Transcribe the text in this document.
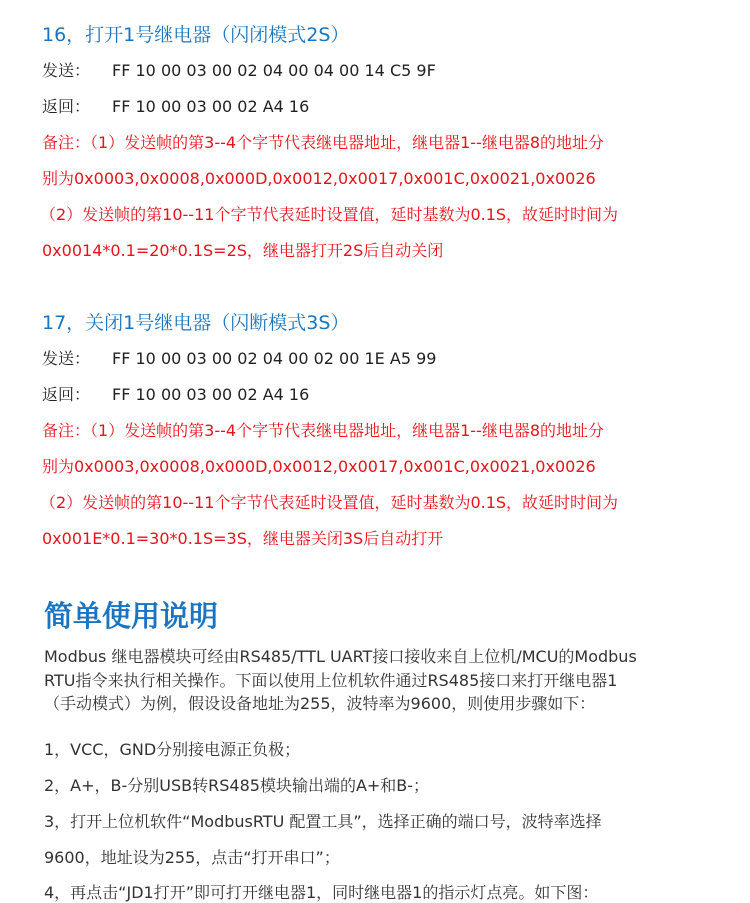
16，打开1号继电器（闪闭模式2S）
发送： FF 10 00 03 00 02 04 00 04 00 14 C5 9F
返回： FF 10 00 03 00 02 A4 16
备注：（1）发送帧的第3--4个字节代表继电器地址，继电器1--继电器8的地址分
别为0x0003,0x0008,0x000D,0x0012,0x0017,0x001C,0x0021,0x0026
（2）发送帧的第10--11个字节代表延时设置值，延时基数为0.1S，故延时时间为
0x0014*0.1=20*0.1S=2S，继电器打开2S后自动关闭
17，关闭1号继电器（闪断模式3S）
发送： FF 10 00 03 00 02 04 00 02 00 1E A5 99
返回： FF 10 00 03 00 02 A4 16
备注：（1）发送帧的第3--4个字节代表继电器地址，继电器1--继电器8的地址分
别为0x0003,0x0008,0x000D,0x0012,0x0017,0x001C,0x0021,0x0026
（2）发送帧的第10--11个字节代表延时设置值，延时基数为0.1S，故延时时间为
0x001E*0.1=30*0.1S=3S，继电器关闭3S后自动打开
简单使用说明
Modbus 继电器模块可经由RS485/TTL UART接口接收来自上位机/MCU的Modbus
RTU指令来执行相关操作。下面以使用上位机软件通过RS485接口来打开继电器1
（手动模式）为例，假设设备地址为255，波特率为9600，则使用步骤如下：
1，VCC，GND分别接电源正负极；
2，A+，B-分别USB转RS485模块输出端的A+和B-；
3，打开上位机软件“ModbusRTU 配置工具”，选择正确的端口号，波特率选择
9600，地址设为255，点击“打开串口”；
4，再点击“JD1打开”即可打开继电器1，同时继电器1的指示灯点亮。如下图：
